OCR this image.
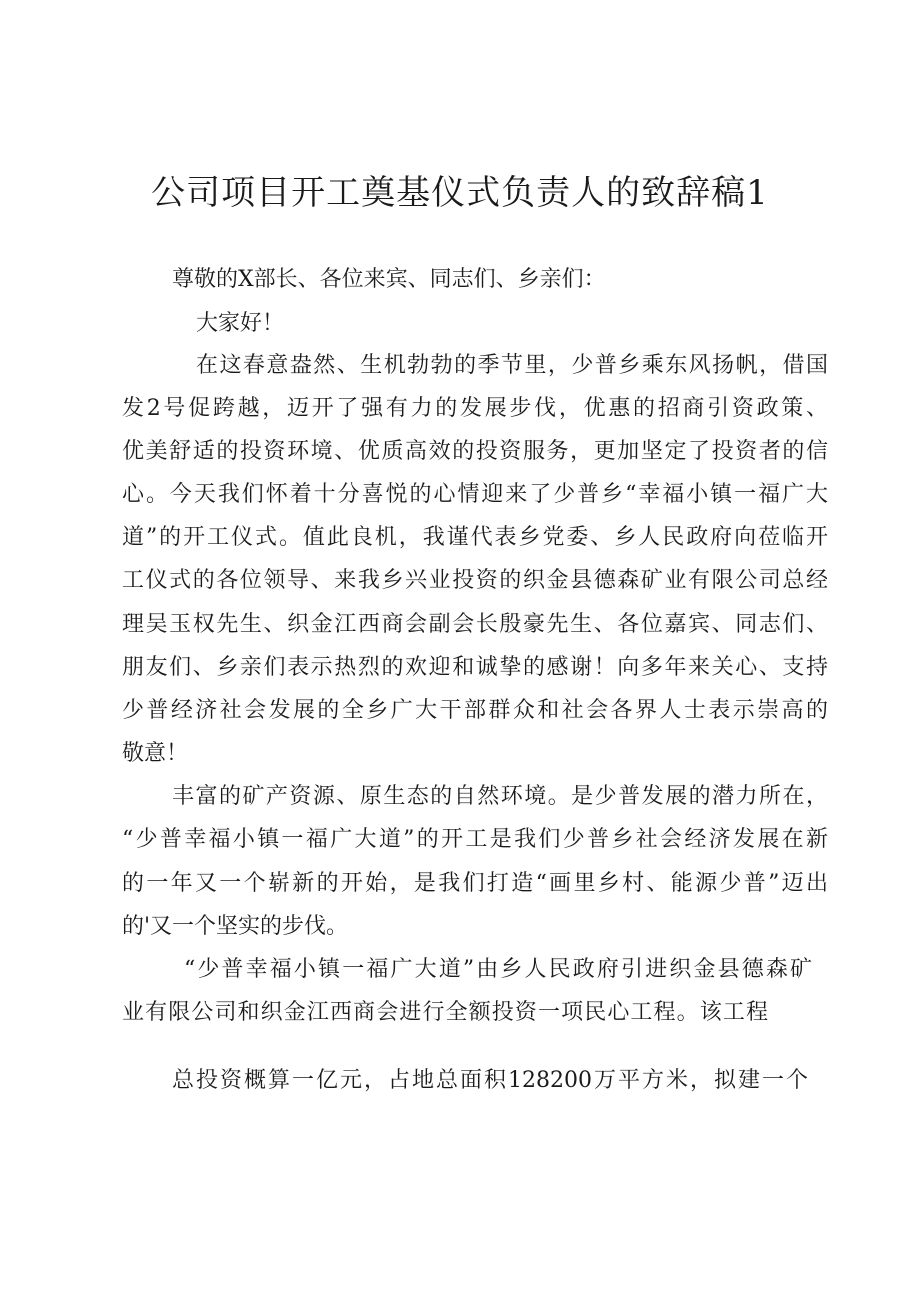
公司项目开工奠基仪式负责人的致辞稿1

尊敬的X部长、各位来宾、同志们、乡亲们：

大家好！

在这春意盎然、生机勃勃的季节里，少普乡乘东风扬帆，借国

发2号促跨越，迈开了强有力的发展步伐，优惠的招商引资政策、

优美舒适的投资环境、优质高效的投资服务，更加坚定了投资者的信

心。今天我们怀着十分喜悦的心情迎来了少普乡“幸福小镇一福广大

道”的开工仪式。值此良机，我谨代表乡党委、乡人民政府向莅临开

工仪式的各位领导、来我乡兴业投资的织金县德森矿业有限公司总经

理吴玉权先生、织金江西商会副会长殷豪先生、各位嘉宾、同志们、

朋友们、乡亲们表示热烈的欢迎和诚挚的感谢！向多年来关心、支持

少普经济社会发展的全乡广大干部群众和社会各界人士表示崇高的

敬意！

丰富的矿产资源、原生态的自然环境。是少普发展的潜力所在，

“少普幸福小镇一福广大道”的开工是我们少普乡社会经济发展在新

的一年又一个崭新的开始，是我们打造“画里乡村、能源少普”迈出

的'又一个坚实的步伐。

“少普幸福小镇一福广大道”由乡人民政府引进织金县德森矿

业有限公司和织金江西商会进行全额投资一项民心工程。该工程

总投资概算一亿元，占地总面积128200万平方米，拟建一个
